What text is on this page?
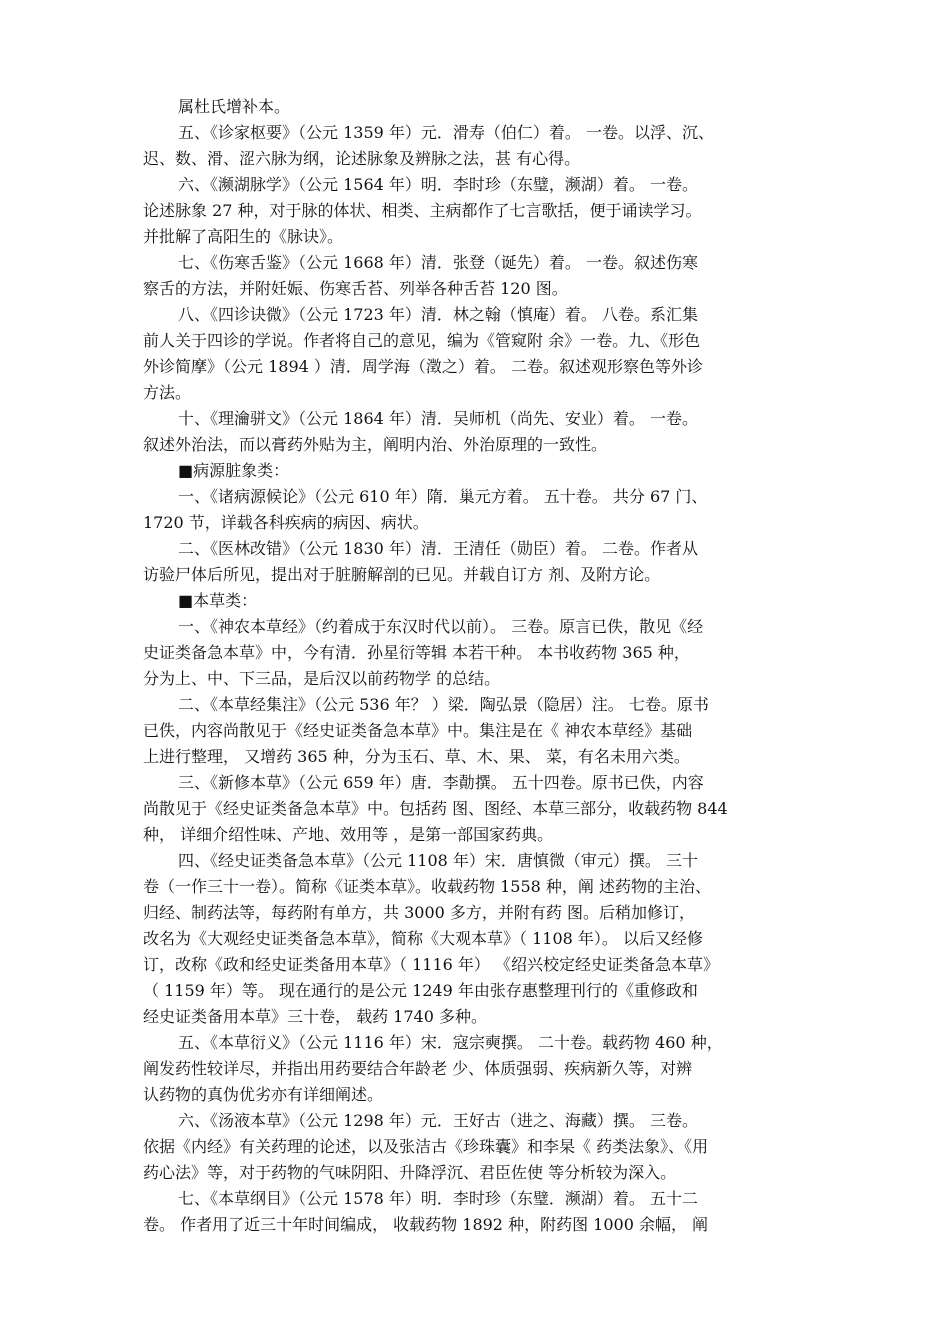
属杜氏增补本。
五、《诊家枢要》（公元 1359 年）元．滑寿（伯仁）着。 一卷。以浮、沉、
迟、数、滑、涩六脉为纲，论述脉象及辨脉之法，甚 有心得。
六、《濒湖脉学》（公元 1564 年）明．李时珍（东璧，濒湖）着。 一卷。
论述脉象 27 种，对于脉的体状、相类、主病都作了七言歌括，便于诵读学习。
并批解了高阳生的《脉诀》。
七、《伤寒舌鉴》（公元 1668 年）清．张登（诞先）着。 一卷。叙述伤寒
察舌的方法，并附妊娠、伤寒舌苔、列举各种舌苔 120 图。
八、《四诊诀微》（公元 1723 年）清．林之翰（慎庵）着。 八卷。系汇集
前人关于四诊的学说。作者将自己的意见，编为《管窥附 余》一卷。九、《形色
外诊简摩》（公元 1894 ）清．周学海（澂之）着。 二卷。叙述观形察色等外诊
方法。
十、《理瀹骈文》（公元 1864 年）清．吴师机（尚先、安业）着。 一卷。
叙述外治法，而以膏药外贴为主，阐明内治、外治原理的一致性。
■病源脏象类：
一、《诸病源候论》（公元 610 年）隋．巢元方着。 五十卷。 共分 67 门、
1720 节，详载各科疾病的病因、病状。
二、《医林改错》（公元 1830 年）清．王清任（勋臣）着。 二卷。作者从
访验尸体后所见，提出对于脏腑解剖的已见。并载自订方 剂、及附方论。
■本草类：
一、《神农本草经》（约着成于东汉时代以前）。 三卷。原言已佚，散见《经
史证类备急本草》中，今有清．孙星衍等辑 本若干种。 本书收药物 365 种，
分为上、中、下三品，是后汉以前药物学 的总结。
二、《本草经集注》（公元 536 年？ ）梁．陶弘景（隐居）注。 七卷。原书
已佚，内容尚散见于《经史证类备急本草》中。集注是在《 神农本草经》基础
上进行整理， 又增药 365 种，分为玉石、草、木、果、 菜，有名未用六类。
三、《新修本草》（公元 659 年）唐．李勣撰。 五十四卷。原书已佚，内容
尚散见于《经史证类备急本草》中。包括药 图、图经、本草三部分，收载药物 844
种， 详细介绍性味、产地、效用等 ，是第一部国家药典。
四、《经史证类备急本草》（公元 1108 年）宋．唐慎微（审元）撰。 三十
卷（一作三十一卷）。简称《证类本草》。收载药物 1558 种，阐 述药物的主治、
归经、制药法等，每药附有单方，共 3000 多方，并附有药 图。后稍加修订，
改名为《大观经史证类备急本草》，简称《大观本草》（ 1108 年）。 以后又经修
订，改称《政和经史证类备用本草》（ 1116 年） 《绍兴校定经史证类备急本草》
（ 1159 年）等。 现在通行的是公元 1249 年由张存惠整理刊行的《重修政和
经史证类备用本草》三十卷， 载药 1740 多种。
五、《本草衍义》（公元 1116 年）宋．寇宗奭撰。 二十卷。载药物 460 种，
阐发药性较详尽，并指出用药要结合年龄老 少、体质强弱、疾病新久等，对辨
认药物的真伪优劣亦有详细阐述。
六、《汤液本草》（公元 1298 年）元．王好古（进之、海藏）撰。 三卷。
依据《内经》有关药理的论述，以及张洁古《珍珠囊》和李杲《 药类法象》、《用
药心法》等，对于药物的气味阴阳、升降浮沉、君臣佐使 等分析较为深入。
七、《本草纲目》（公元 1578 年）明．李时珍（东璧．濒湖）着。 五十二
卷。 作者用了近三十年时间编成， 收载药物 1892 种，附药图 1000 余幅， 阐
